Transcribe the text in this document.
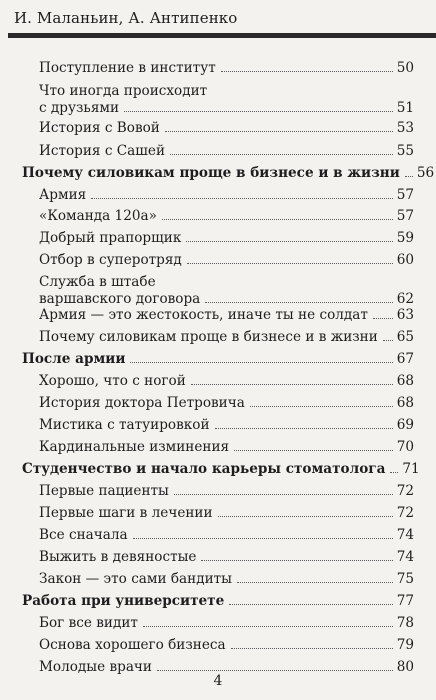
И. Маланьин, А. Антипенко
Поступление в институт	50
Что иногда происходит
с друзьями	51
История с Вовой	53
История с Сашей	55
Почему силовикам проще в бизнесе и в жизни 56
Армия	57
«Команда 120а»	57
Добрый прапорщик	59
Отбор в суперотряд	60
Служба в штабе
варшавского договора	62
Армия — это жестокость, иначе ты не солдат 63
Почему силовикам проще в бизнесе и в жизни 65
После армии	67
Хорошо, что с ногой	68
История доктора Петровича	68
Мистика с татуировкой	69
Кардинальные изминения	70
Студенчество и начало карьеры стоматолога 71
Первые пациенты	72
Первые шаги в лечении	72
Все сначала	74
Выжить в девяностые	74
Закон — это сами бандиты	75
Работа при университете	77
Бог все видит	78
Основа хорошего бизнеса	79
Молодые врачи	80
4
